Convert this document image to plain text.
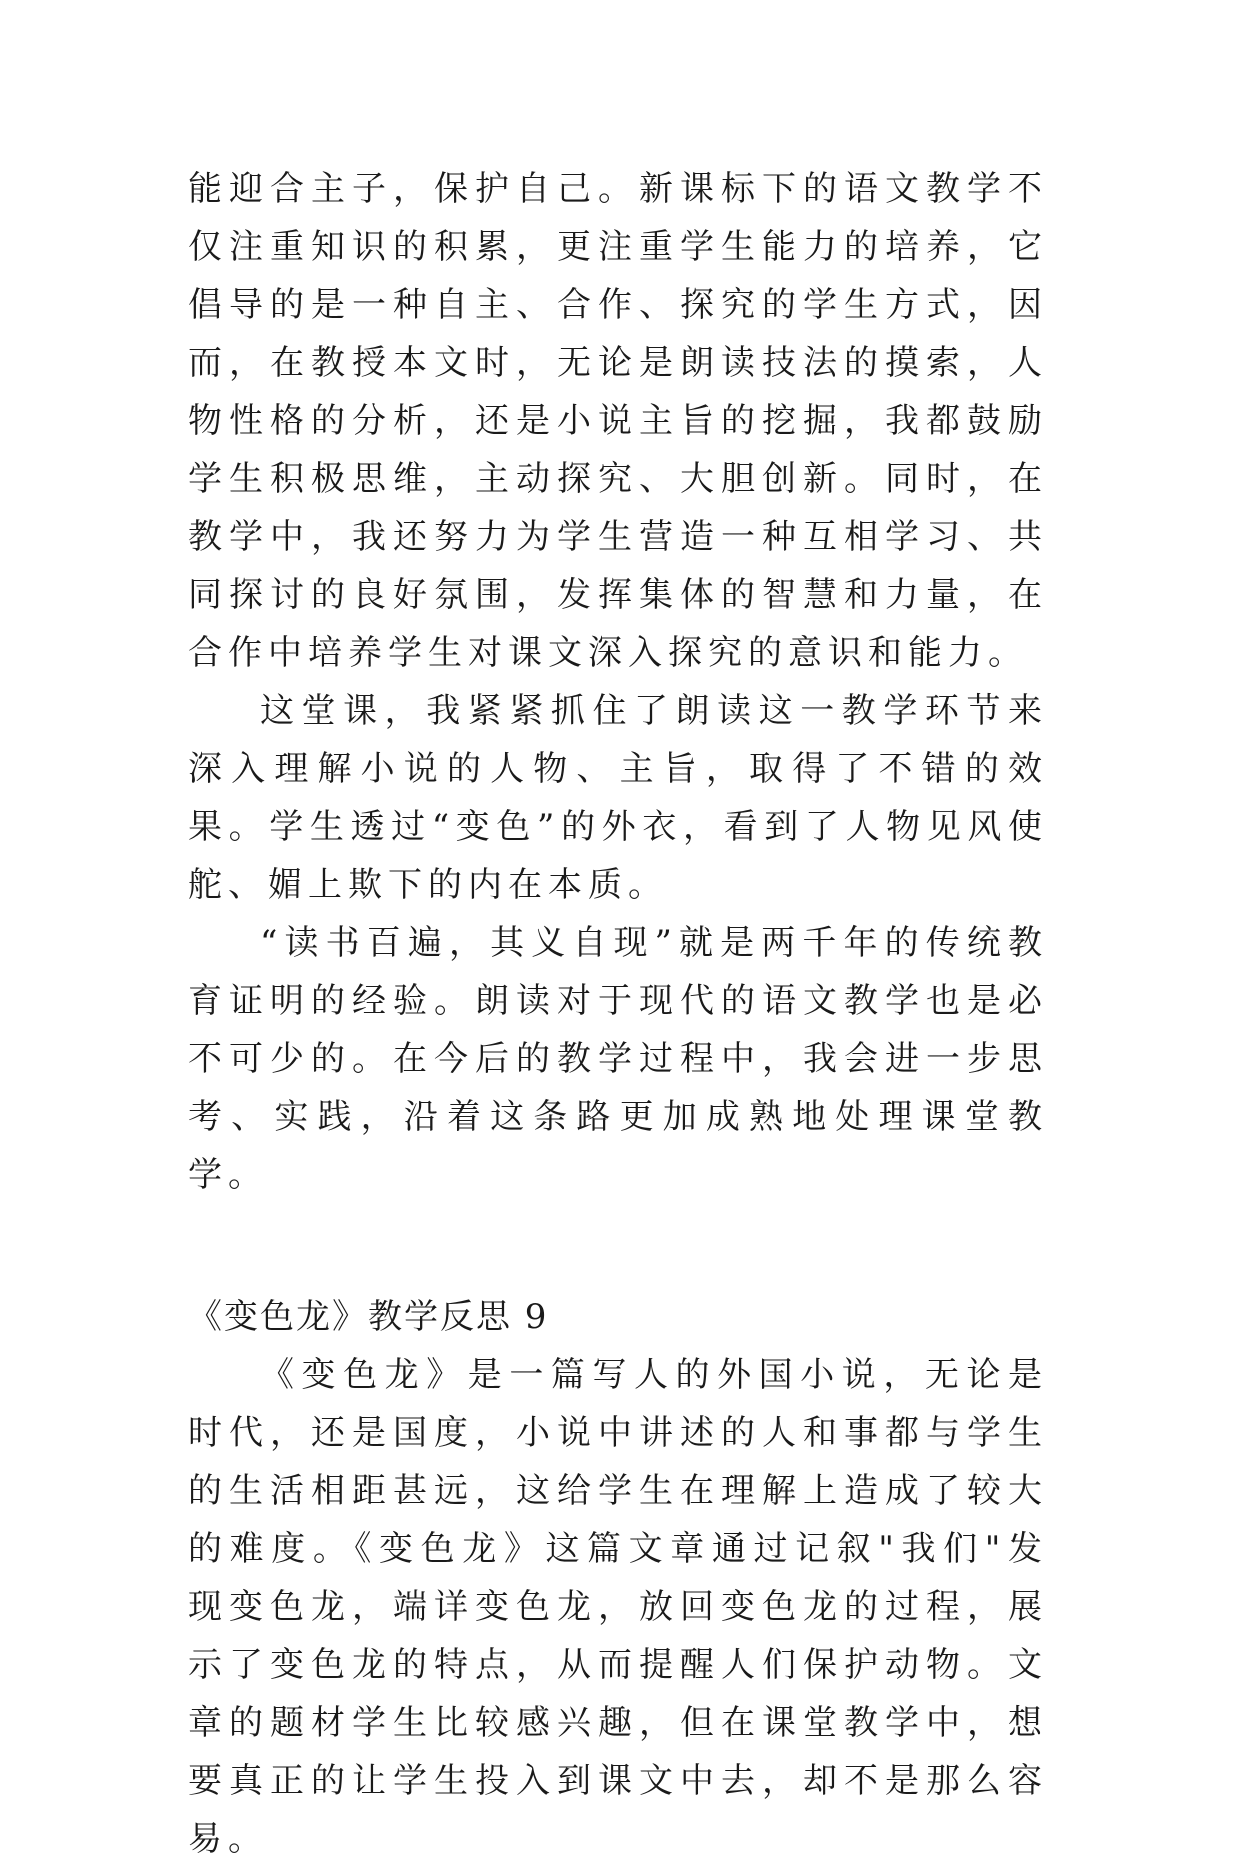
能迎合主子，保护自己。新课标下的语文教学不仅注重知识的积累，更注重学生能力的培养，它倡导的是一种自主、合作、探究的学生方式，因而，在教授本文时，无论是朗读技法的摸索，人物性格的分析，还是小说主旨的挖掘，我都鼓励学生积极思维，主动探究、大胆创新。同时，在教学中，我还努力为学生营造一种互相学习、共同探讨的良好氛围，发挥集体的智慧和力量，在合作中培养学生对课文深入探究的意识和能力。

这堂课，我紧紧抓住了朗读这一教学环节来深入理解小说的人物、主旨，取得了不错的效果。学生透过“变色”的外衣，看到了人物见风使舵、媚上欺下的内在本质。

“读书百遍，其义自现”就是两千年的传统教育证明的经验。朗读对于现代的语文教学也是必不可少的。在今后的教学过程中，我会进一步思考、实践，沿着这条路更加成熟地处理课堂教学。

《变色龙》教学反思 9

《变色龙》是一篇写人的外国小说，无论是时代，还是国度，小说中讲述的人和事都与学生的生活相距甚远，这给学生在理解上造成了较大的难度。《变色龙》这篇文章通过记叙"我们"发现变色龙，端详变色龙，放回变色龙的过程，展示了变色龙的特点，从而提醒人们保护动物。文章的题材学生比较感兴趣，但在课堂教学中，想要真正的让学生投入到课文中去，却不是那么容易。
